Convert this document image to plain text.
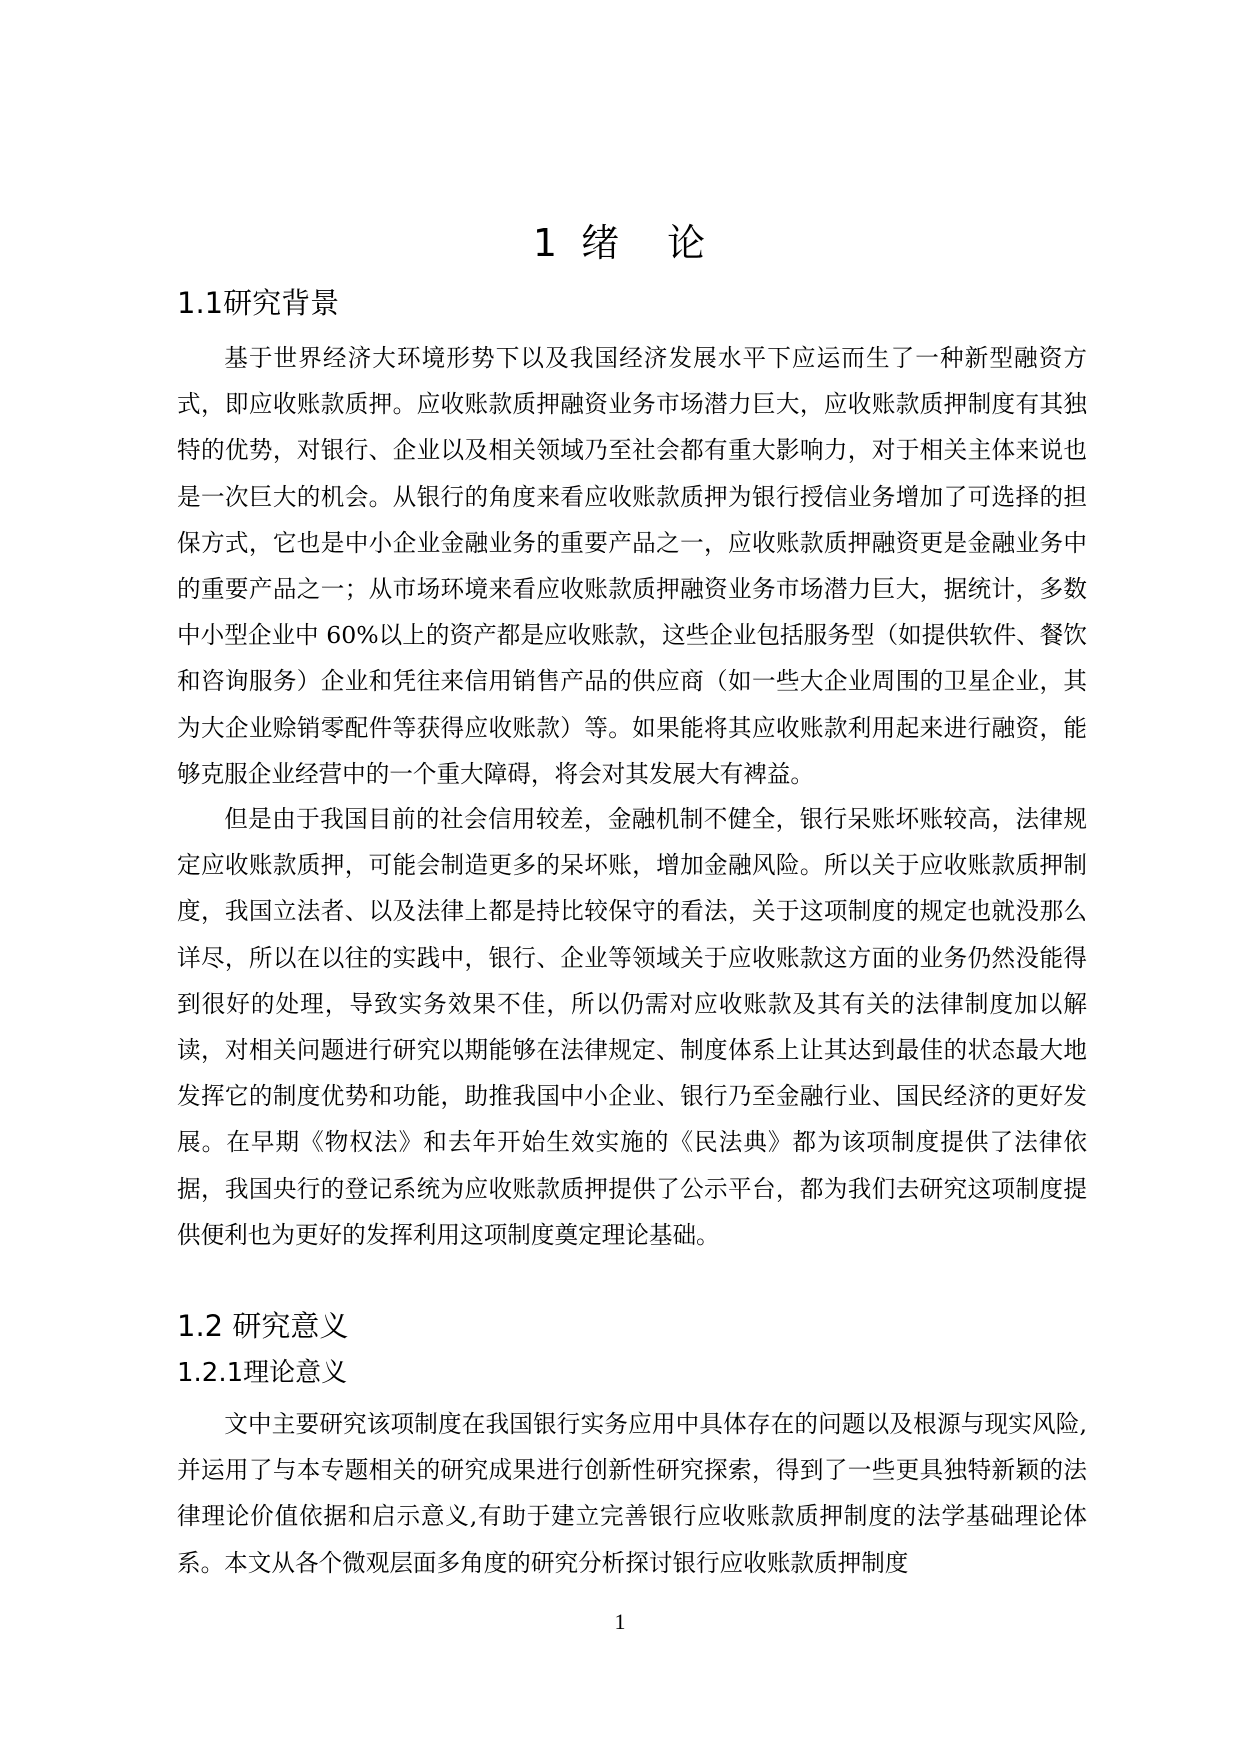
1 绪 论
1.1研究背景

基于世界经济大环境形势下以及我国经济发展水平下应运而生了一种新型融资方式，即应收账款质押。应收账款质押融资业务市场潜力巨大，应收账款质押制度有其独特的优势，对银行、企业以及相关领域乃至社会都有重大影响力，对于相关主体来说也是一次巨大的机会。从银行的角度来看应收账款质押为银行授信业务增加了可选择的担保方式，它也是中小企业金融业务的重要产品之一，应收账款质押融资更是金融业务中的重要产品之一；从市场环境来看应收账款质押融资业务市场潜力巨大，据统计，多数中小型企业中 60%以上的资产都是应收账款，这些企业包括服务型（如提供软件、餐饮和咨询服务）企业和凭往来信用销售产品的供应商（如一些大企业周围的卫星企业，其为大企业赊销零配件等获得应收账款）等。如果能将其应收账款利用起来进行融资，能够克服企业经营中的一个重大障碍，将会对其发展大有裨益。

但是由于我国目前的社会信用较差，金融机制不健全，银行呆账坏账较高，法律规定应收账款质押，可能会制造更多的呆坏账，增加金融风险。所以关于应收账款质押制度，我国立法者、以及法律上都是持比较保守的看法，关于这项制度的规定也就没那么详尽，所以在以往的实践中，银行、企业等领域关于应收账款这方面的业务仍然没能得到很好的处理，导致实务效果不佳，所以仍需对应收账款及其有关的法律制度加以解读，对相关问题进行研究以期能够在法律规定、制度体系上让其达到最佳的状态最大地发挥它的制度优势和功能，助推我国中小企业、银行乃至金融行业、国民经济的更好发展。在早期《物权法》和去年开始生效实施的《民法典》都为该项制度提供了法律依据，我国央行的登记系统为应收账款质押提供了公示平台，都为我们去研究这项制度提供便利也为更好的发挥利用这项制度奠定理论基础。

1.2 研究意义
1.2.1理论意义

文中主要研究该项制度在我国银行实务应用中具体存在的问题以及根源与现实风险,并运用了与本专题相关的研究成果进行创新性研究探索，得到了一些更具独特新颖的法律理论价值依据和启示意义,有助于建立完善银行应收账款质押制度的法学基础理论体系。本文从各个微观层面多角度的研究分析探讨银行应收账款质押制度

1
